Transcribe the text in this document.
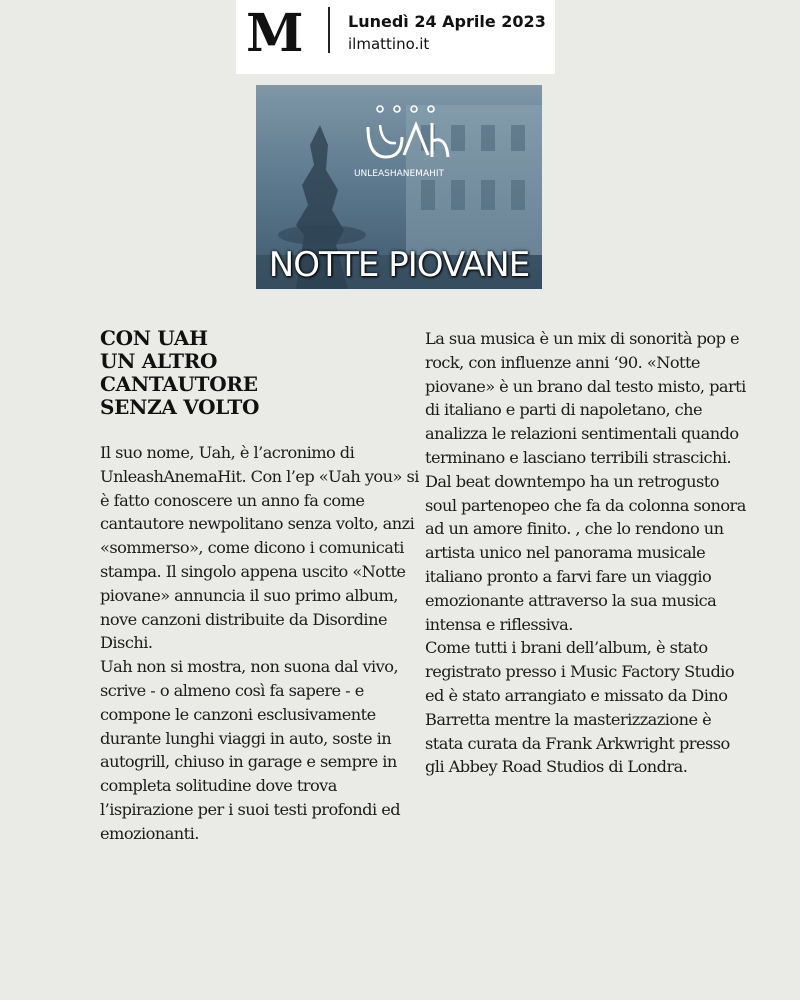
M	Lunedì 24 Aprile 2023
ilmattino.it
UNLEASHANEMAHIT
NOTTE PIOVANE
CON UAH
UN ALTRO
CANTAUTORE
SENZA VOLTO

Il suo nome, Uah, è l’acronimo di UnleashAnemaHit. Con l’ep «Uah you» si è fatto conoscere un anno fa come cantautore newpolitano senza volto, anzi «sommerso», come dicono i comunicati stampa. Il singolo appena uscito «Notte piovane» annuncia il suo primo album, nove canzoni distribuite da Disordine Dischi.

Uah non si mostra, non suona dal vivo, scrive - o almeno così fa sapere - e compone le canzoni esclusivamente durante lunghi viaggi in auto, soste in autogrill, chiuso in garage e sempre in completa solitudine dove trova l’ispirazione per i suoi testi profondi ed emozionanti.

La sua musica è un mix di sonorità pop e rock, con influenze anni ‘90. «Notte piovane» è un brano dal testo misto, parti di italiano e parti di napoletano, che analizza le relazioni sentimentali quando terminano e lasciano terribili strascichi. Dal beat downtempo ha un retrogusto soul partenopeo che fa da colonna sonora ad un amore finito. , che lo rendono un artista unico nel panorama musicale italiano pronto a farvi fare un viaggio emozionante attraverso la sua musica intensa e riflessiva.

Come tutti i brani dell’album, è stato registrato presso i Music Factory Studio ed è stato arrangiato e missato da Dino Barretta mentre la masterizzazione è stata curata da Frank Arkwright presso gli Abbey Road Studios di Londra.
